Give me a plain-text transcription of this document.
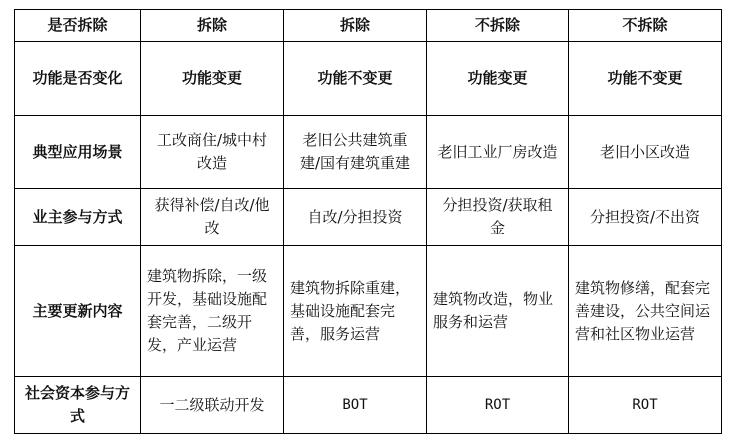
是否拆除	拆除	拆除	不拆除	不拆除
功能是否变化	功能变更	功能不变更	功能变更	功能不变更
典型应用场景	工改商住/城中村改造	老旧公共建筑重建/国有建筑重建	老旧工业厂房改造	老旧小区改造
业主参与方式	获得补偿/自改/他改	自改/分担投资	分担投资/获取租金	分担投资/不出资
主要更新内容	建筑物拆除，一级开发，基础设施配套完善，二级开发，产业运营	建筑物拆除重建，基础设施配套完善，服务运营	建筑物改造，物业服务和运营	建筑物修缮，配套完善建设，公共空间运营和社区物业运营
社会资本参与方式	一二级联动开发	BOT	ROT	ROT
